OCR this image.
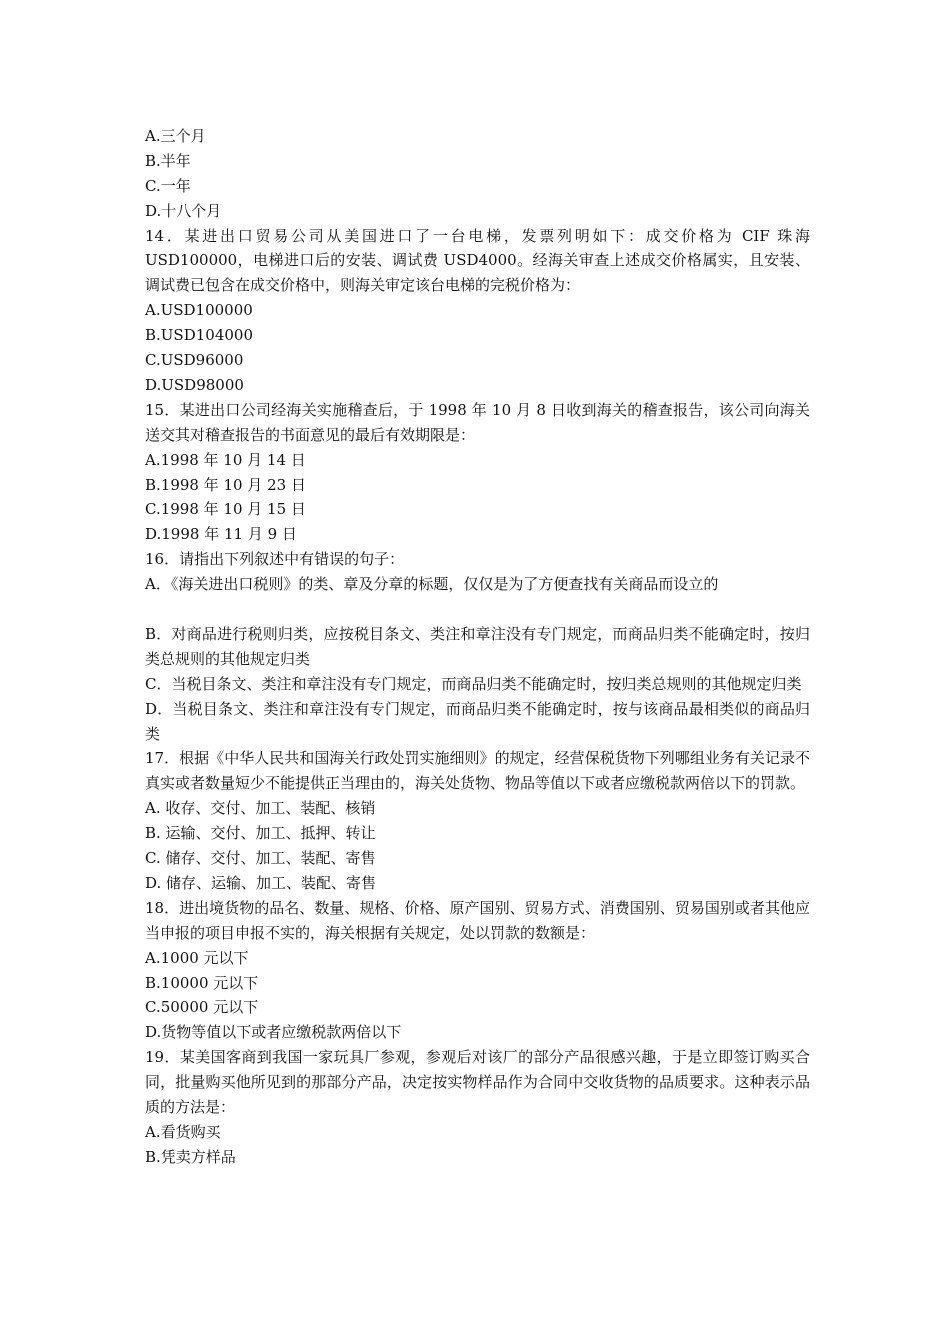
A.三个月
B.半年
C.一年
D.十八个月
14．某进出口贸易公司从美国进口了一台电梯，发票列明如下：成交价格为 CIF 珠海 USD100000，电梯进口后的安装、调试费 USD4000。经海关审查上述成交价格属实，且安装、调试费已包含在成交价格中，则海关审定该台电梯的完税价格为：
A.USD100000
B.USD104000
C.USD96000
D.USD98000
15．某进出口公司经海关实施稽查后，于 1998 年 10 月 8 日收到海关的稽查报告，该公司向海关送交其对稽查报告的书面意见的最后有效期限是：
A.1998 年 10 月 14 日
B.1998 年 10 月 23 日
C.1998 年 10 月 15 日
D.1998 年 11 月 9 日
16．请指出下列叙述中有错误的句子：
A．《海关进出口税则》的类、章及分章的标题，仅仅是为了方便查找有关商品而设立的
B．对商品进行税则归类，应按税目条文、类注和章注没有专门规定，而商品归类不能确定时，按归类总规则的其他规定归类
C．当税目条文、类注和章注没有专门规定，而商品归类不能确定时，按归类总规则的其他规定归类
D．当税目条文、类注和章注没有专门规定，而商品归类不能确定时，按与该商品最相类似的商品归类
17．根据《中华人民共和国海关行政处罚实施细则》的规定，经营保税货物下列哪组业务有关记录不真实或者数量短少不能提供正当理由的，海关处货物、物品等值以下或者应缴税款两倍以下的罚款。
A. 收存、交付、加工、装配、核销
B. 运输、交付、加工、抵押、转让
C. 储存、交付、加工、装配、寄售
D. 储存、运输、加工、装配、寄售
18．进出境货物的品名、数量、规格、价格、原产国别、贸易方式、消费国别、贸易国别或者其他应当申报的项目申报不实的，海关根据有关规定，处以罚款的数额是：
A.1000 元以下
B.10000 元以下
C.50000 元以下
D.货物等值以下或者应缴税款两倍以下
19．某美国客商到我国一家玩具厂参观，参观后对该厂的部分产品很感兴趣，于是立即签订购买合同，批量购买他所见到的那部分产品，决定按实物样品作为合同中交收货物的品质要求。这种表示品质的方法是：
A.看货购买
B.凭卖方样品
